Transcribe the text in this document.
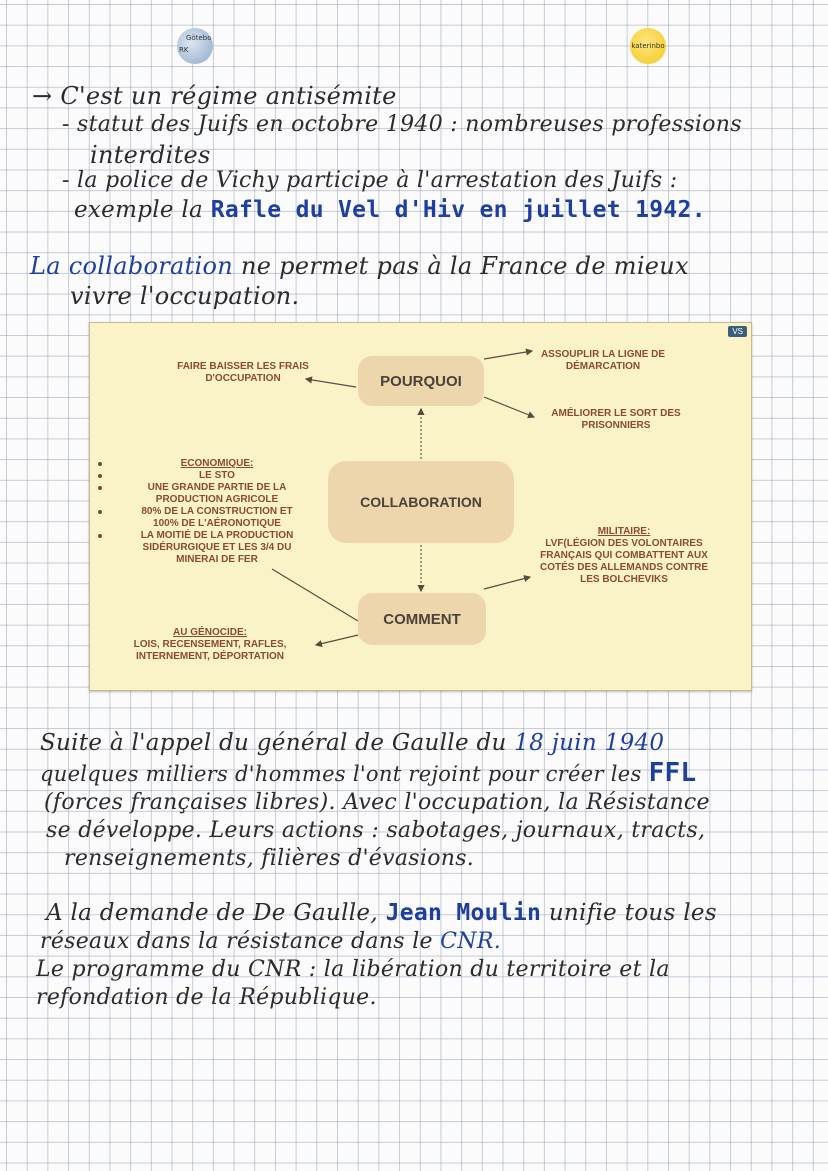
Götebo
RK	katerinbo
→ C'est un régime antisémite
- statut des Juifs en octobre 1940 : nombreuses professions
interdites
- la police de Vichy participe à l'arrestation des Juifs :
exemple la Rafle du Vel d'Hiv en juillet 1942.
La collaboration ne permet pas à la France de mieux
vivre l'occupation.
VS
POURQUOI
COLLABORATION
COMMENT
FAIRE BAISSER LES FRAIS
D'OCCUPATION
ASSOUPLIR LA LIGNE DE
DÉMARCATION
AMÉLIORER LE SORT DES
PRISONNIERS
ECONOMIQUE:
LE STO
UNE GRANDE PARTIE DE LA
PRODUCTION AGRICOLE
80% DE LA CONSTRUCTION ET
100% DE L'AÉRONOTIQUE
LA MOITIÉ DE LA PRODUCTION
SIDÉRURGIQUE ET LES 3/4 DU
MINERAI DE FER
MILITAIRE:
LVF(LÉGION DES VOLONTAIRES
FRANÇAIS QUI COMBATTENT AUX
COTÉS DES ALLEMANDS CONTRE
LES BOLCHEVIKS
AU GÉNOCIDE:
LOIS, RECENSEMENT, RAFLES,
INTERNEMENT, DÉPORTATION
Suite à l'appel du général de Gaulle du 18 juin 1940
quelques milliers d'hommes l'ont rejoint pour créer les FFL
(forces françaises libres). Avec l'occupation, la Résistance
se développe. Leurs actions : sabotages, journaux, tracts,
renseignements, filières d'évasions.
A la demande de De Gaulle, Jean Moulin unifie tous les
réseaux dans la résistance dans le CNR.
Le programme du CNR : la libération du territoire et la
refondation de la République.
